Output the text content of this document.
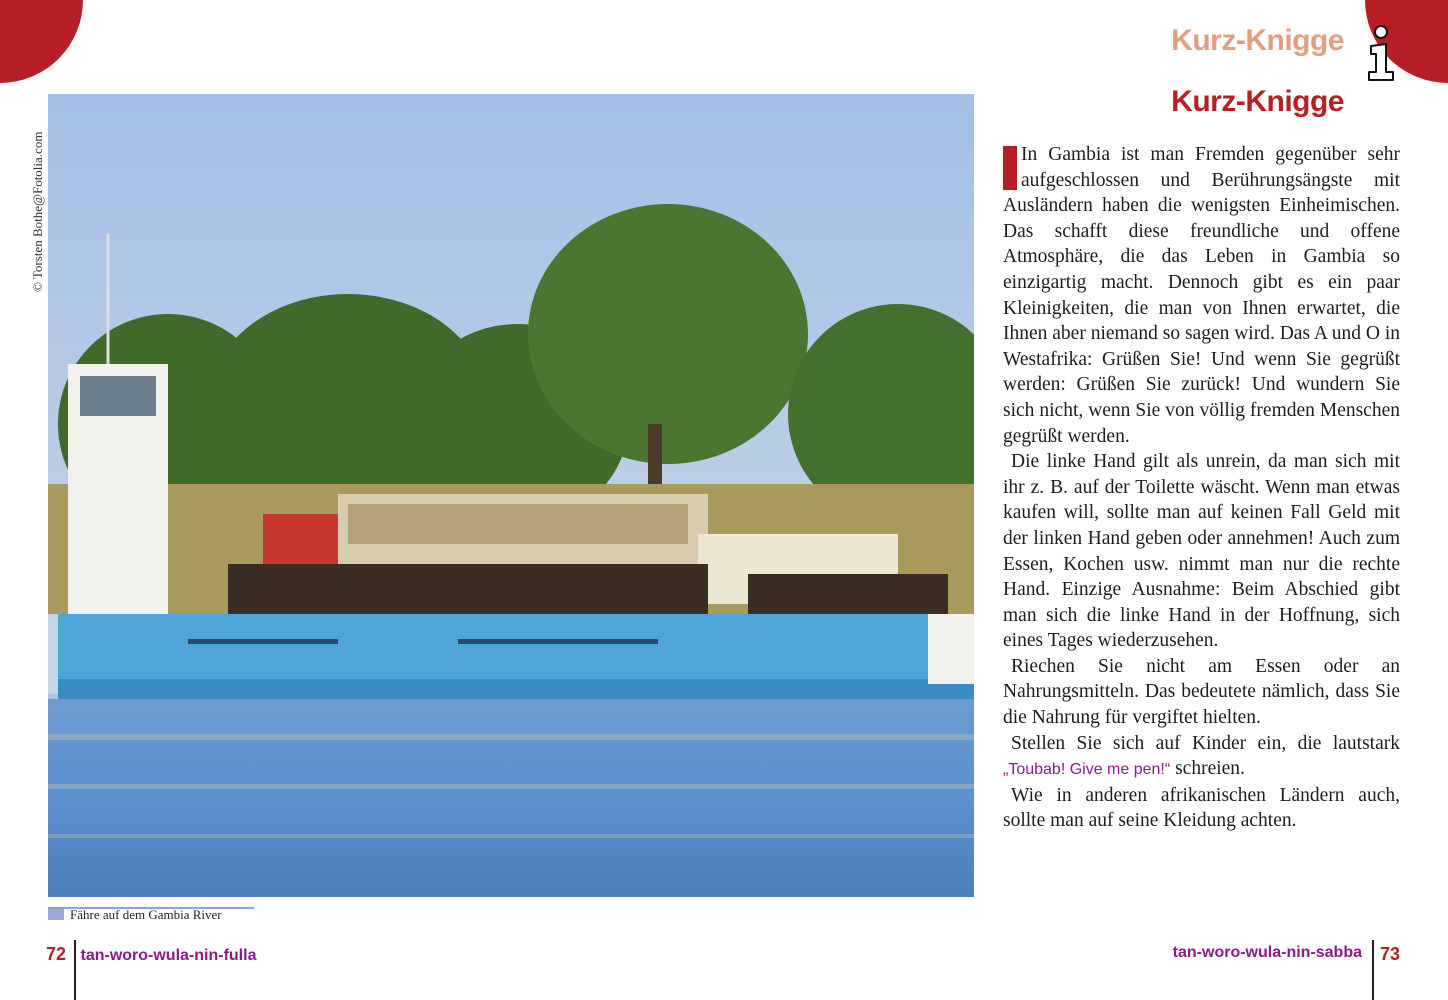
© Torsten Bothe@Fotolia.com
Fähre auf dem Gambia River
Kurz-Knigge
Kurz-Knigge

In Gambia ist man Fremden gegenüber sehr aufgeschlossen und Berührungsängste mit Ausländern haben die wenigsten Einheimischen. Das schafft diese freundliche und offene Atmosphäre, die das Leben in Gambia so einzigartig macht. Dennoch gibt es ein paar Kleinigkeiten, die man von Ihnen erwartet, die Ihnen aber niemand so sagen wird. Das A und O in Westafrika: Grüßen Sie! Und wenn Sie gegrüßt werden: Grüßen Sie zurück! Und wundern Sie sich nicht, wenn Sie von völlig fremden Menschen gegrüßt werden.

Die linke Hand gilt als unrein, da man sich mit ihr z. B. auf der Toilette wäscht. Wenn man etwas kaufen will, sollte man auf keinen Fall Geld mit der linken Hand geben oder annehmen! Auch zum Essen, Kochen usw. nimmt man nur die rechte Hand. Einzige Ausnahme: Beim Abschied gibt man sich die linke Hand in der Hoffnung, sich eines Tages wiederzusehen.

Riechen Sie nicht am Essen oder an Nahrungsmitteln. Das bedeutete nämlich, dass Sie die Nahrung für vergiftet hielten.

Stellen Sie sich auf Kinder ein, die lautstark „Toubab! Give me pen!“ schreien.

Wie in anderen afrikanischen Ländern auch, sollte man auf seine Kleidung achten.

72 tan-woro-wula-nin-fulla	tan-woro-wula-nin-sabba 73
